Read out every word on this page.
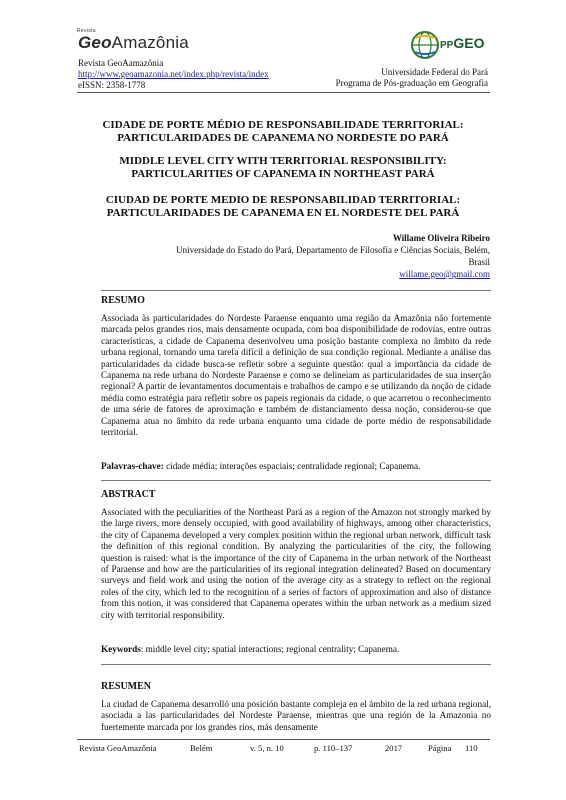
Revista
GeoAmazônia
Revista GeoAamazônia
http://www.geoamazonia.net/index.php/revista/index
eISSN: 2358-1778
PPGEO
Universidade Federal do Pará
Programa de Pós-graduação em Geografia
CIDADE DE PORTE MÉDIO DE RESPONSABILIDADE TERRITORIAL: PARTICULARIDADES DE CAPANEMA NO NORDESTE DO PARÁ
MIDDLE LEVEL CITY WITH TERRITORIAL RESPONSIBILITY: PARTICULARITIES OF CAPANEMA IN NORTHEAST PARÁ
CIUDAD DE PORTE MEDIO DE RESPONSABILIDAD TERRITORIAL: PARTICULARIDADES DE CAPANEMA EN EL NORDESTE DEL PARÁ
Willame Oliveira Ribeiro
Universidade do Estado do Pará, Departamento de Filosofia e Ciências Sociais, Belém,
Brasil
willame.geo@gmail.com
RESUMO
Associada às particularidades do Nordeste Paraense enquanto uma região da Amazônia não fortemente marcada pelos grandes rios, mais densamente ocupada, com boa disponibilidade de rodovias, entre outras características, a cidade de Capanema desenvolveu uma posição bastante complexa no âmbito da rede urbana regional, tornando uma tarefa difícil a definição de sua condição regional. Mediante a análise das particularidades da cidade busca-se refletir sobre a seguinte questão: qual a importância da cidade de Capanema na rede urbana do Nordeste Paraense e como se delineiam as particularidades de sua inserção regional? A partir de levantamentos documentais e trabalhos de campo e se utilizando da noção de cidade média como estratégia para refletir sobre os papeis regionais da cidade, o que acarretou o reconhecimento de uma série de fatores de aproximação e também de distanciamento dessa noção, considerou-se que Capanema atua no âmbito da rede urbana enquanto uma cidade de porte médio de responsabilidade territorial.
Palavras-chave: cidade média; interações espaciais; centralidade regional; Capanema.
ABSTRACT
Associated with the peculiarities of the Northeast Pará as a region of the Amazon not strongly marked by the large rivers, more densely occupied, with good availability of highways, among other characteristics, the city of Capanema developed a very complex position within the regional urban network, difficult task the definition of this regional condition. By analyzing the particularities of the city, the following question is raised: what is the importance of the city of Capanema in the urban network of the Northeast of Paraense and how are the particularities of its regional integration delineated? Based on documentary surveys and field work and using the notion of the average city as a strategy to reflect on the regional roles of the city, which led to the recognition of a series of factors of approximation and also of distance from this notion, it was considered that Capanema operates within the urban network as a medium sized city with territorial responsibility.
Keywords: middle level city; spatial interactions; regional centrality; Capanema.
RESUMEN
La ciudad de Capanema desarrolló una posición bastante compleja en el ámbito de la red urbana regional, asociada a las particularidades del Nordeste Paraense, mientras que una región de la Amazonia no fuertemente marcada por los grandes ríos, más densamente
Revista GeoAmazônia	Belém	v. 5, n. 10	p. 110–137	2017	Página 110
